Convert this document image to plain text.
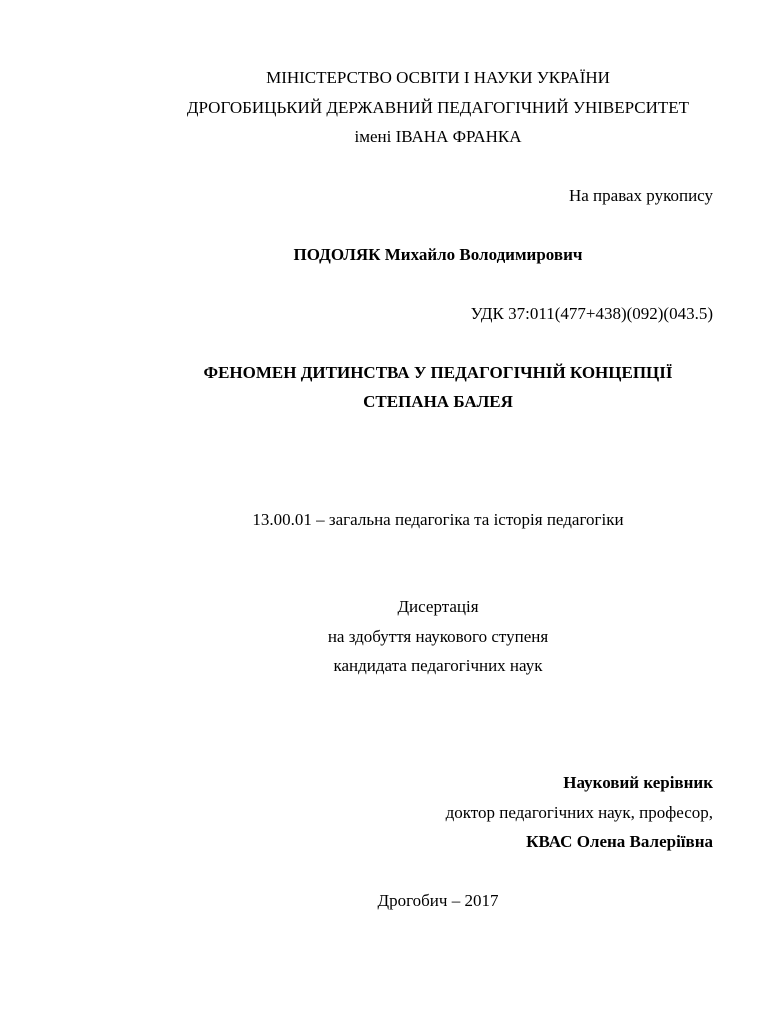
МІНІСТЕРСТВО ОСВІТИ І НАУКИ УКРАЇНИ
ДРОГОБИЦЬКИЙ ДЕРЖАВНИЙ ПЕДАГОГІЧНИЙ УНІВЕРСИТЕТ
імені ІВАНА ФРАНКА
На правах рукопису
ПОДОЛЯК Михайло Володимирович
УДК 37:011(477+438)(092)(043.5)
ФЕНОМЕН ДИТИНСТВА У ПЕДАГОГІЧНІЙ КОНЦЕПЦІЇ
СТЕПАНА БАЛЕЯ
13.00.01 – загальна педагогіка та історія педагогіки
Дисертація
на здобуття наукового ступеня
кандидата педагогічних наук
Науковий керівник
доктор педагогічних наук, професор,
КВАС Олена Валеріївна
Дрогобич – 2017
